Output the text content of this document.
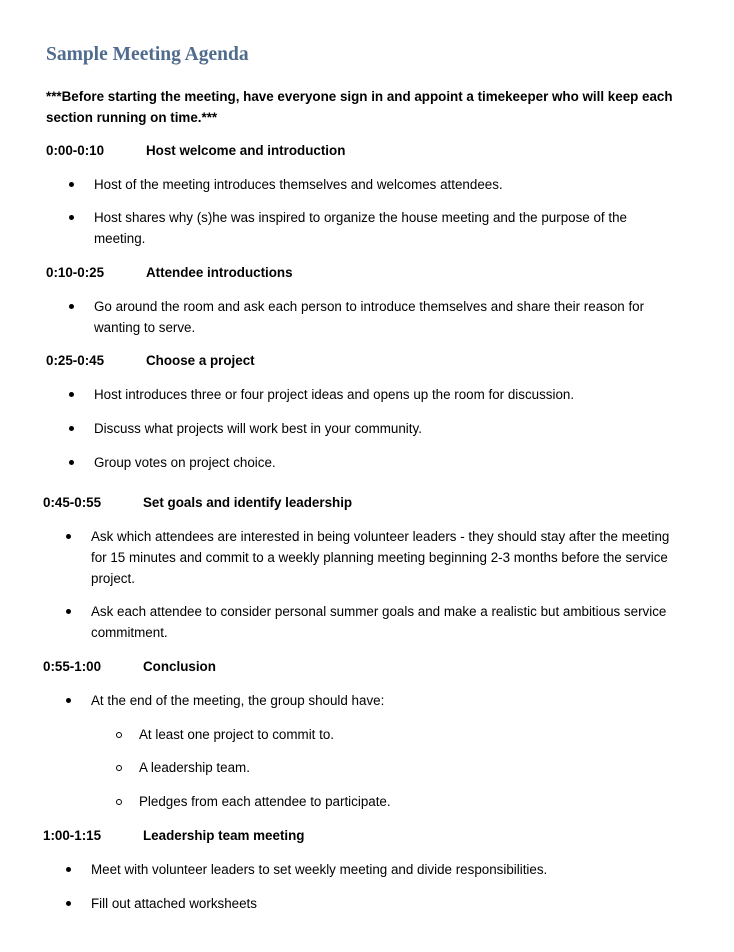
Sample Meeting Agenda
***Before starting the meeting, have everyone sign in and appoint a timekeeper who will keep each section running on time.***
0:00-0:10	Host welcome and introduction
Host of the meeting introduces themselves and welcomes attendees.
Host shares why (s)he was inspired to organize the house meeting and the purpose of the meeting.
0:10-0:25	Attendee introductions
Go around the room and ask each person to introduce themselves and share their reason for wanting to serve.
0:25-0:45	Choose a project
Host introduces three or four project ideas and opens up the room for discussion.
Discuss what projects will work best in your community.
Group votes on project choice.
0:45-0:55	Set goals and identify leadership
Ask which attendees are interested in being volunteer leaders - they should stay after the meeting for 15 minutes and commit to a weekly planning meeting beginning 2-3 months before the service project.
Ask each attendee to consider personal summer goals and make a realistic but ambitious service commitment.
0:55-1:00	Conclusion
At the end of the meeting, the group should have:
At least one project to commit to.
A leadership team.
Pledges from each attendee to participate.
1:00-1:15	Leadership team meeting
Meet with volunteer leaders to set weekly meeting and divide responsibilities.
Fill out attached worksheets
